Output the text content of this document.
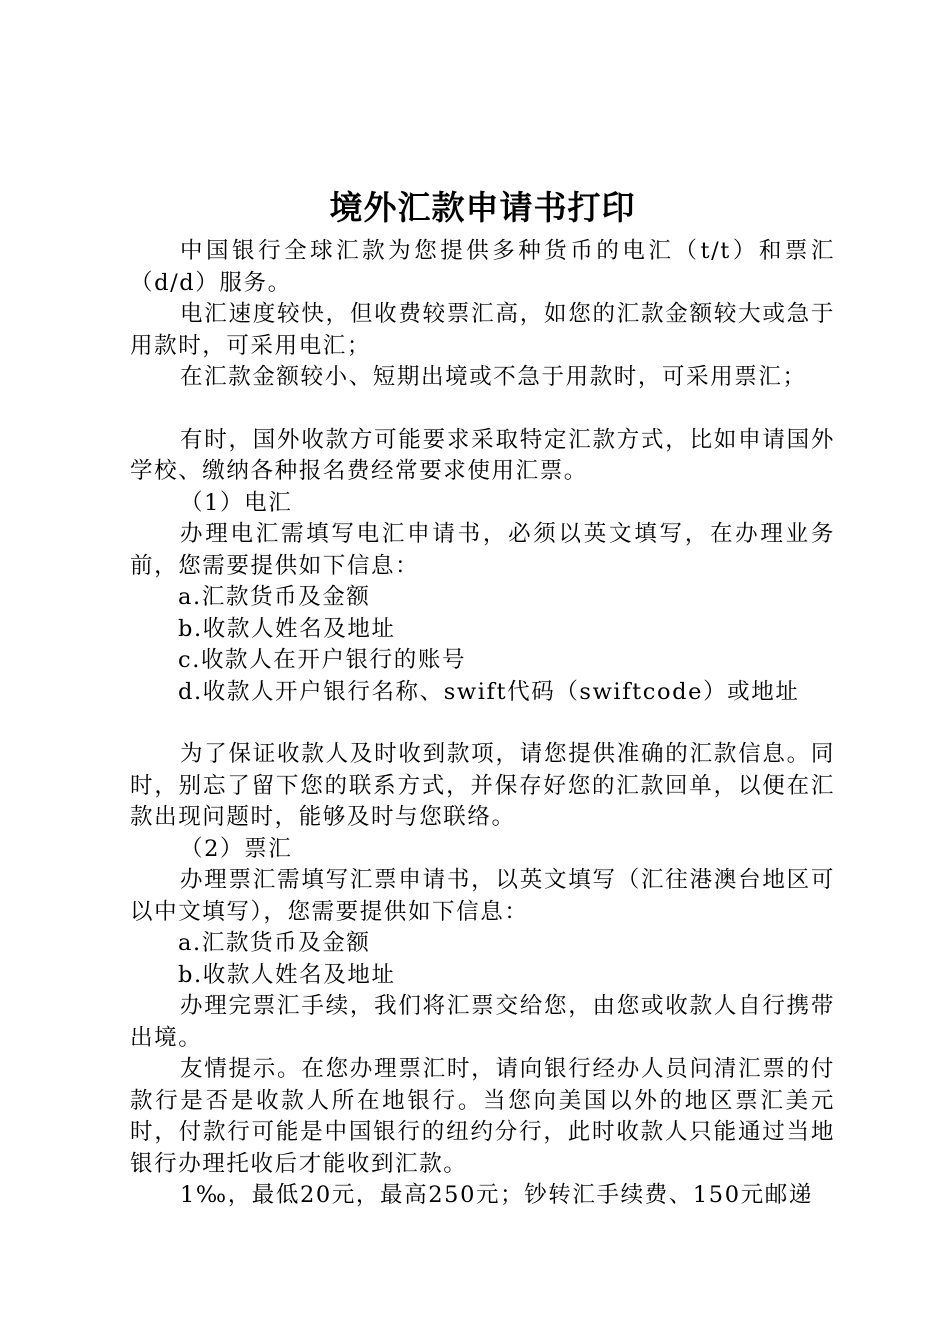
境外汇款申请书打印

中国银行全球汇款为您提供多种货币的电汇（t/t）和票汇（d/d）服务。

电汇速度较快，但收费较票汇高，如您的汇款金额较大或急于用款时，可采用电汇；

在汇款金额较小、短期出境或不急于用款时，可采用票汇；

有时，国外收款方可能要求采取特定汇款方式，比如申请国外学校、缴纳各种报名费经常要求使用汇票。

（1）电汇

办理电汇需填写电汇申请书，必须以英文填写，在办理业务前，您需要提供如下信息：

a.汇款货币及金额

b.收款人姓名及地址

c.收款人在开户银行的账号

d.收款人开户银行名称、swift代码（swiftcode）或地址

为了保证收款人及时收到款项，请您提供准确的汇款信息。同时，别忘了留下您的联系方式，并保存好您的汇款回单，以便在汇款出现问题时，能够及时与您联络。

（2）票汇

办理票汇需填写汇票申请书，以英文填写（汇往港澳台地区可以中文填写），您需要提供如下信息：

a.汇款货币及金额

b.收款人姓名及地址

办理完票汇手续，我们将汇票交给您，由您或收款人自行携带出境。

友情提示。在您办理票汇时，请向银行经办人员问清汇票的付款行是否是收款人所在地银行。当您向美国以外的地区票汇美元时，付款行可能是中国银行的纽约分行，此时收款人只能通过当地银行办理托收后才能收到汇款。

1‰，最低20元，最高250元；钞转汇手续费、150元邮递
